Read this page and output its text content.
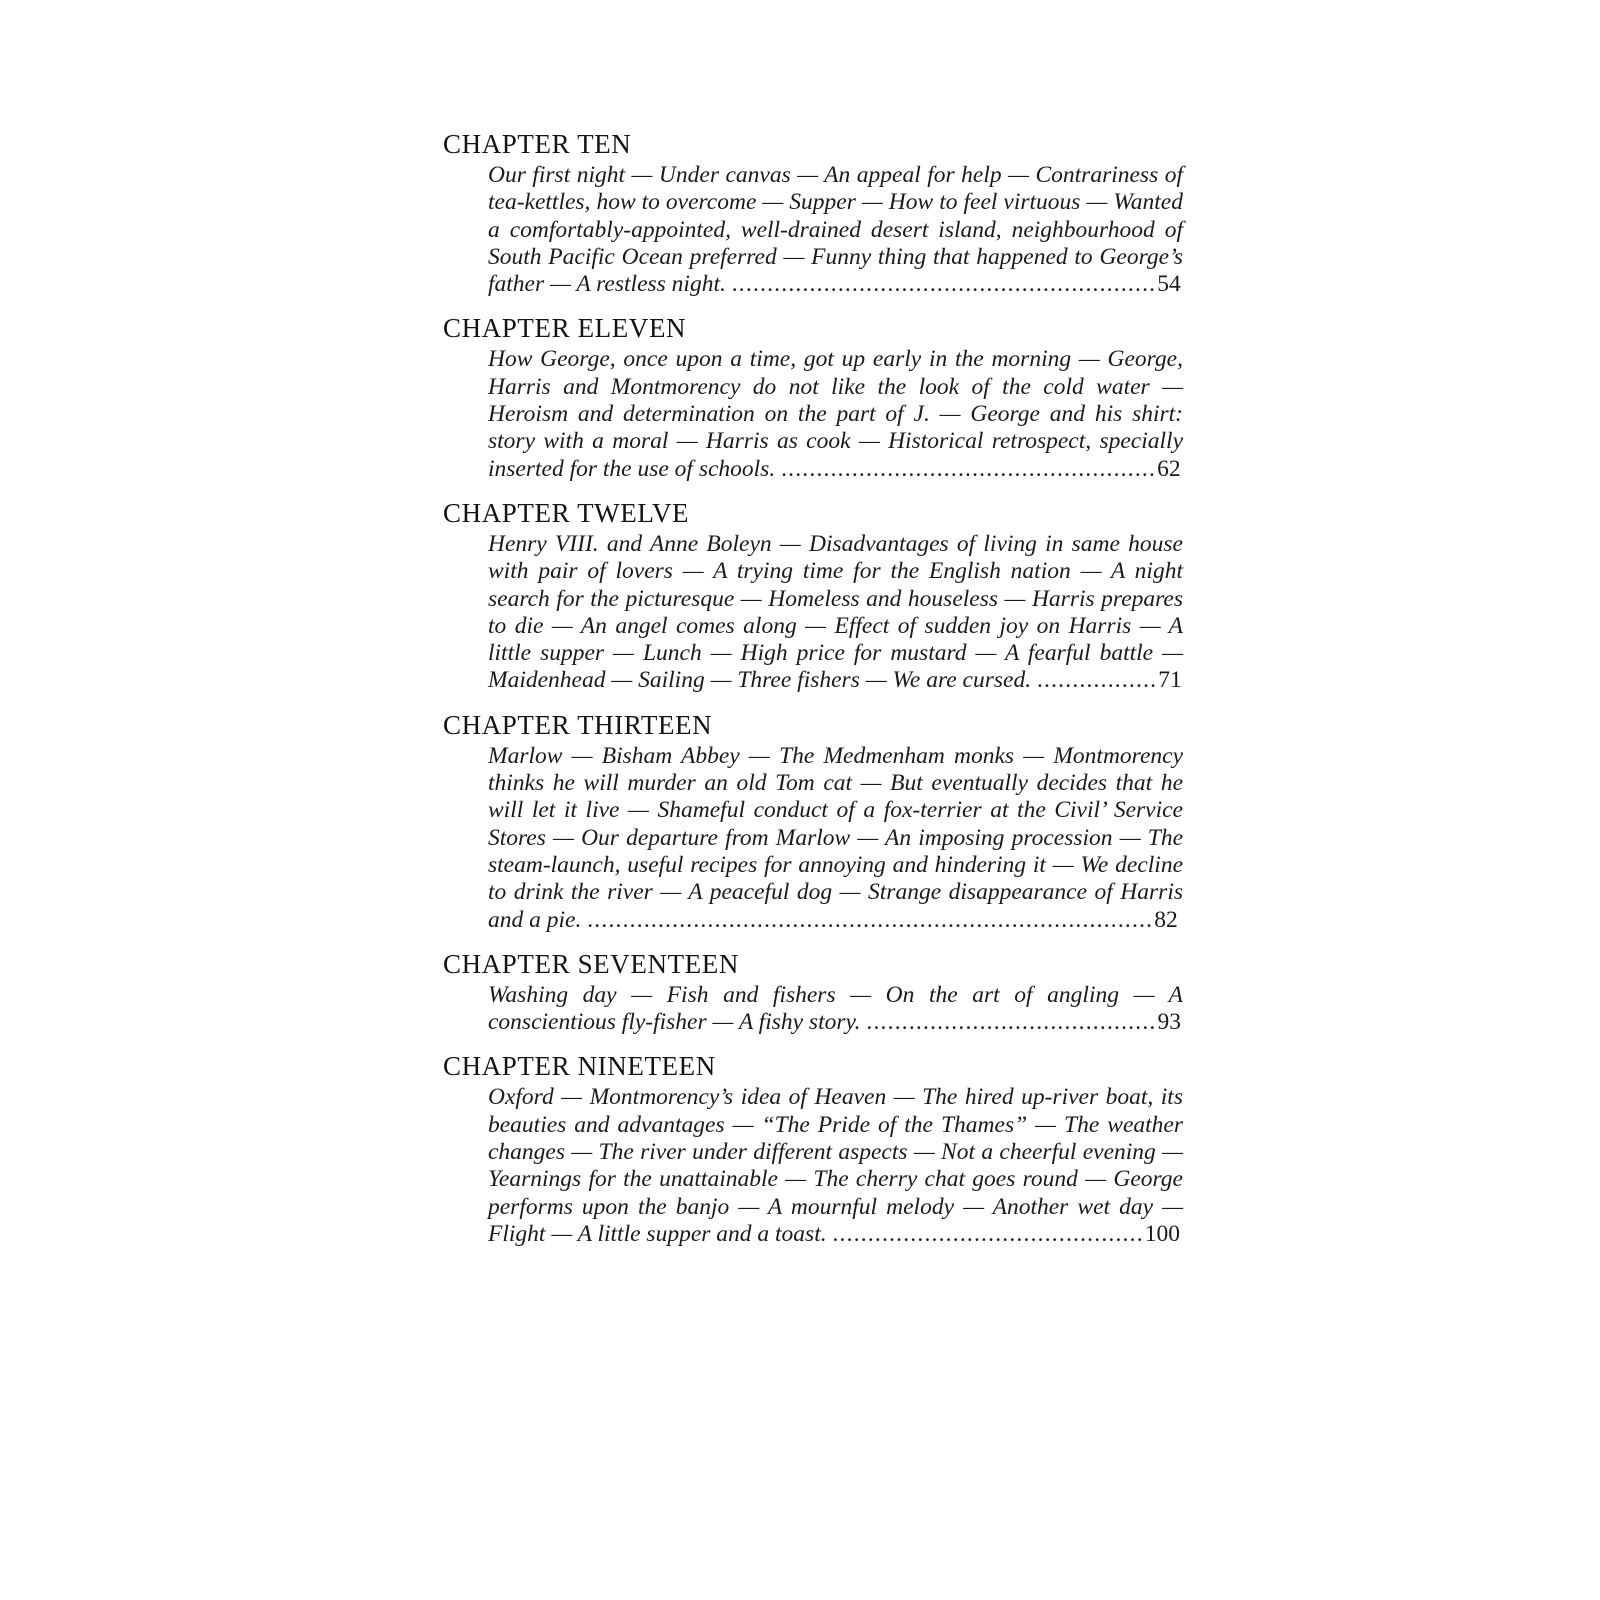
CHAPTER TEN

Our first night — Under canvas — An appeal for help — Contrariness of tea-kettles, how to overcome — Supper — How to feel virtuous — Wanted a comfortably-appointed, well-drained desert island, neighbourhood of South Pacific Ocean preferred — Funny thing that happened to George’s father — A restless night. ............................................................54

CHAPTER ELEVEN

How George, once upon a time, got up early in the morning — George, Harris and Montmorency do not like the look of the cold water — Heroism and determination on the part of J. — George and his shirt: story with a moral — Harris as cook — Historical retrospect, specially inserted for the use of schools. .....................................................62

CHAPTER TWELVE

Henry VIII. and Anne Boleyn — Disadvantages of living in same house with pair of lovers — A trying time for the English nation — A night search for the picturesque — Homeless and houseless — Harris prepares to die — An angel comes along — Effect of sudden joy on Harris — A little supper — Lunch — High price for mustard — A fearful battle — Maidenhead — Sailing — Three fishers — We are cursed. .................71

CHAPTER THIRTEEN

Marlow — Bisham Abbey — The Medmenham monks — Montmorency thinks he will murder an old Tom cat — But eventually decides that he will let it live — Shameful conduct of a fox-terrier at the Civil’ Service Stores — Our departure from Marlow — An imposing procession — The steam-launch, useful recipes for annoying and hindering it — We decline to drink the river — A peaceful dog — Strange disappearance of Harris and a pie. ................................................................................82

CHAPTER SEVENTEEN

Washing day — Fish and fishers — On the art of angling — A conscientious fly-fisher — A fishy story. .........................................93

CHAPTER NINETEEN

Oxford — Montmorency’s idea of Heaven — The hired up-river boat, its beauties and advantages — “The Pride of the Thames” — The weather changes — The river under different aspects — Not a cheerful evening — Yearnings for the unattainable — The cherry chat goes round — George performs upon the banjo — A mournful melody — Another wet day — Flight — A little supper and a toast. ............................................100
